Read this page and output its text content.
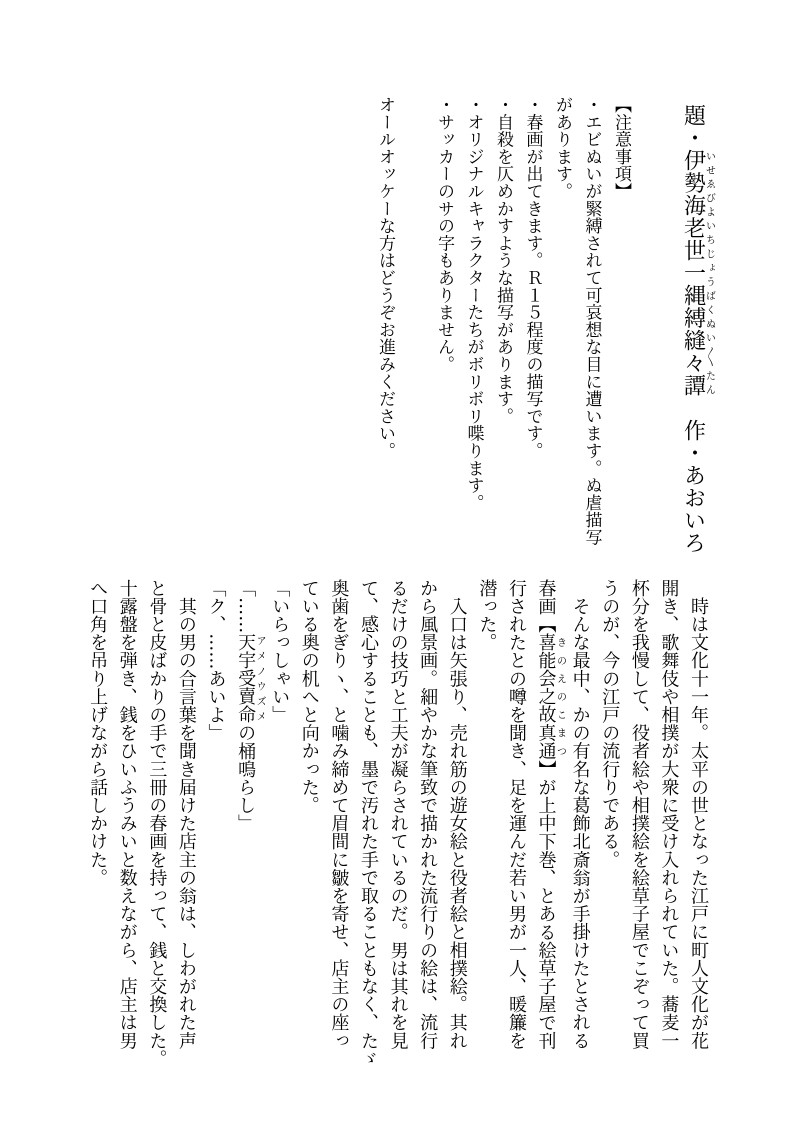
題・伊勢海老世一縄縛縫々譚いせゑびよいちじょうばくぬい〱たん　作・あおいろ

【注意事項】

・エビぬいが緊縛されて可哀想な目に遭います。ぬ虐描写

があります。

・春画が出てきます。Ｒ１５程度の描写です。

・自殺を仄めかすような描写があります。

・オリジナルキャラクターたちがボリボリ喋ります。

・サッカーのサの字もありません。

オールオッケーな方はどうぞお進みください。

　時は文化十一年。太平の世となった江戸に町人文化が花

開き、歌舞伎や相撲が大衆に受け入れられていた。蕎麦一

杯分を我慢して、役者絵や相撲絵を絵草子屋でこぞって買

うのが、今の江戸の流行りである。

　そんな最中、かの有名な葛飾北斎翁が手掛けたとされる

春画【喜能会之故真通きのえのこまつ】が上中下巻、とある絵草子屋で刊

行されたとの噂を聞き、足を運んだ若い男が一人、暖簾を

潜った。

　入口は矢張り、売れ筋の遊女絵と役者絵と相撲絵。其れ

から風景画。細やかな筆致で描かれた流行りの絵は、流行

るだけの技巧と工夫が凝らされているのだ。男は其れを見

て、感心することも、墨で汚れた手で取ることもなく、たゞ

奥歯をぎりヽ、と噛み締めて眉間に皺を寄せ、店主の座っ

ている奥の机へと向かった。

「いらっしゃい」

「……天宇受賣命アメノウズメの桶鳴らし」

「ク、……あいよ」

　其の男の合言葉を聞き届けた店主の翁は、しわがれた声

と骨と皮ばかりの手で三冊の春画を持って、銭と交換した。

十露盤を弾き、銭をひいふうみいと数えながら、店主は男

へ口角を吊り上げながら話しかけた。
